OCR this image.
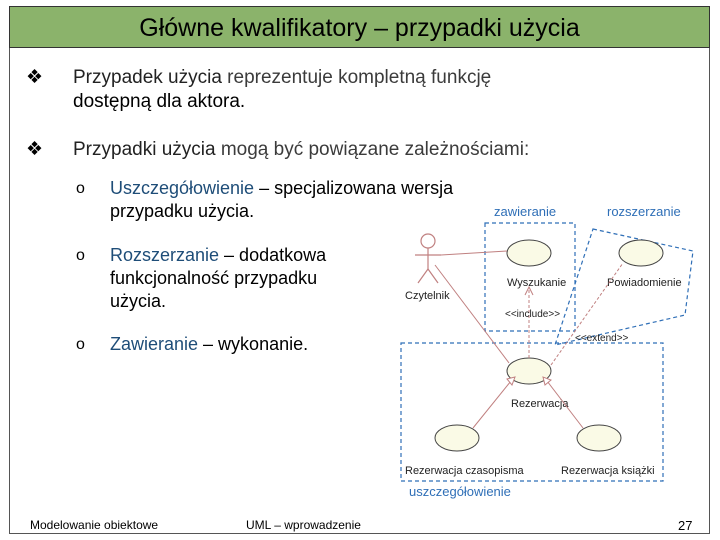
Główne kwalifikatory – przypadki użycia
❖ Przypadek użycia reprezentuje kompletną funkcję
dostępną dla aktora.
❖ Przypadki użycia mogą być powiązane zależnościami:
o Uszczegółowienie – specjalizowana wersja
przypadku użycia.
o Rozszerzanie – dodatkowa
funkcjonalność przypadku
użycia.
o Zawieranie – wykonanie.
zawieranie	rozszerzanie
uszczegółowienie
Czytelnik
Wyszukanie	Powiadomienie
Rezerwacja
Rezerwacja czasopisma	Rezerwacja książki
<<include>>
<<extend>>
Modelowanie obiektowe	UML – wprowadzenie	27
